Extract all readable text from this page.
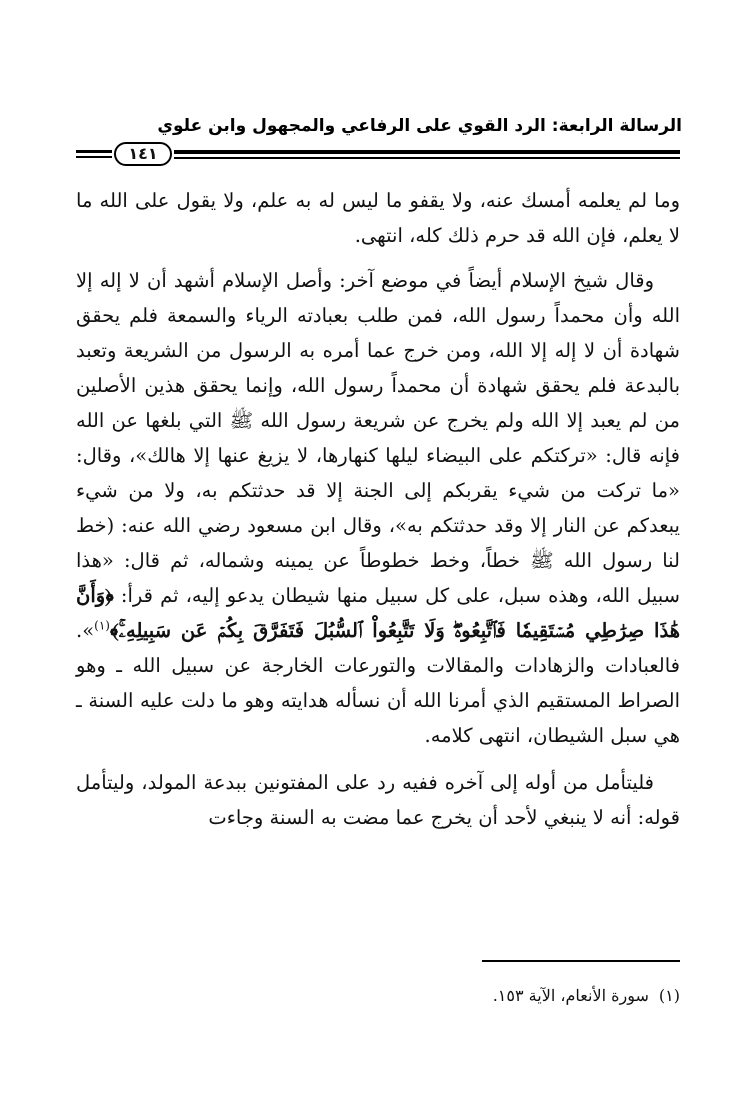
الرسالة الرابعة: الرد القوي على الرفاعي والمجهول وابن علوي
١٤١

وما لم يعلمه أمسك عنه، ولا يقفو ما ليس له به علم، ولا يقول على الله ما لا يعلم، فإن الله قد حرم ذلك كله، انتهى.

وقال شيخ الإسلام أيضاً في موضع آخر: وأصل الإسلام أشهد أن لا إله إلا الله وأن محمداً رسول الله، فمن طلب بعبادته الرياء والسمعة فلم يحقق شهادة أن لا إله إلا الله، ومن خرج عما أمره به الرسول من الشريعة وتعبد بالبدعة فلم يحقق شهادة أن محمداً رسول الله، وإنما يحقق هذين الأصلين من لم يعبد إلا الله ولم يخرج عن شريعة رسول الله ﷺ التي بلغها عن الله فإنه قال: «تركتكم على البيضاء ليلها كنهارها، لا يزيغ عنها إلا هالك»، وقال: «ما تركت من شيء يقربكم إلى الجنة إلا قد حدثتكم به، ولا من شيء يبعدكم عن النار إلا وقد حدثتكم به»، وقال ابن مسعود رضي الله عنه: (خط لنا رسول الله ﷺ خطاً، وخط خطوطاً عن يمينه وشماله، ثم قال: «هذا سبيل الله، وهذه سبل، على كل سبيل منها شيطان يدعو إليه، ثم قرأ: ﴿وَأَنَّ هَٰذَا صِرَٰطِي مُسۡتَقِيمٗا فَٱتَّبِعُوهُۖ وَلَا تَتَّبِعُواْ ٱلسُّبُلَ فَتَفَرَّقَ بِكُمۡ عَن سَبِيلِهِۦۚ﴾$^{(١)}$». فالعبادات والزهادات والمقالات والتورعات الخارجة عن سبيل الله ـ وهو الصراط المستقيم الذي أمرنا الله أن نسأله هدايته وهو ما دلت عليه السنة ـ هي سبل الشيطان، انتهى كلامه.

فليتأمل من أوله إلى آخره ففيه رد على المفتونين ببدعة المولد، وليتأمل قوله: أنه لا ينبغي لأحد أن يخرج عما مضت به السنة وجاءت

(١)سورة الأنعام، الآية ١٥٣.
